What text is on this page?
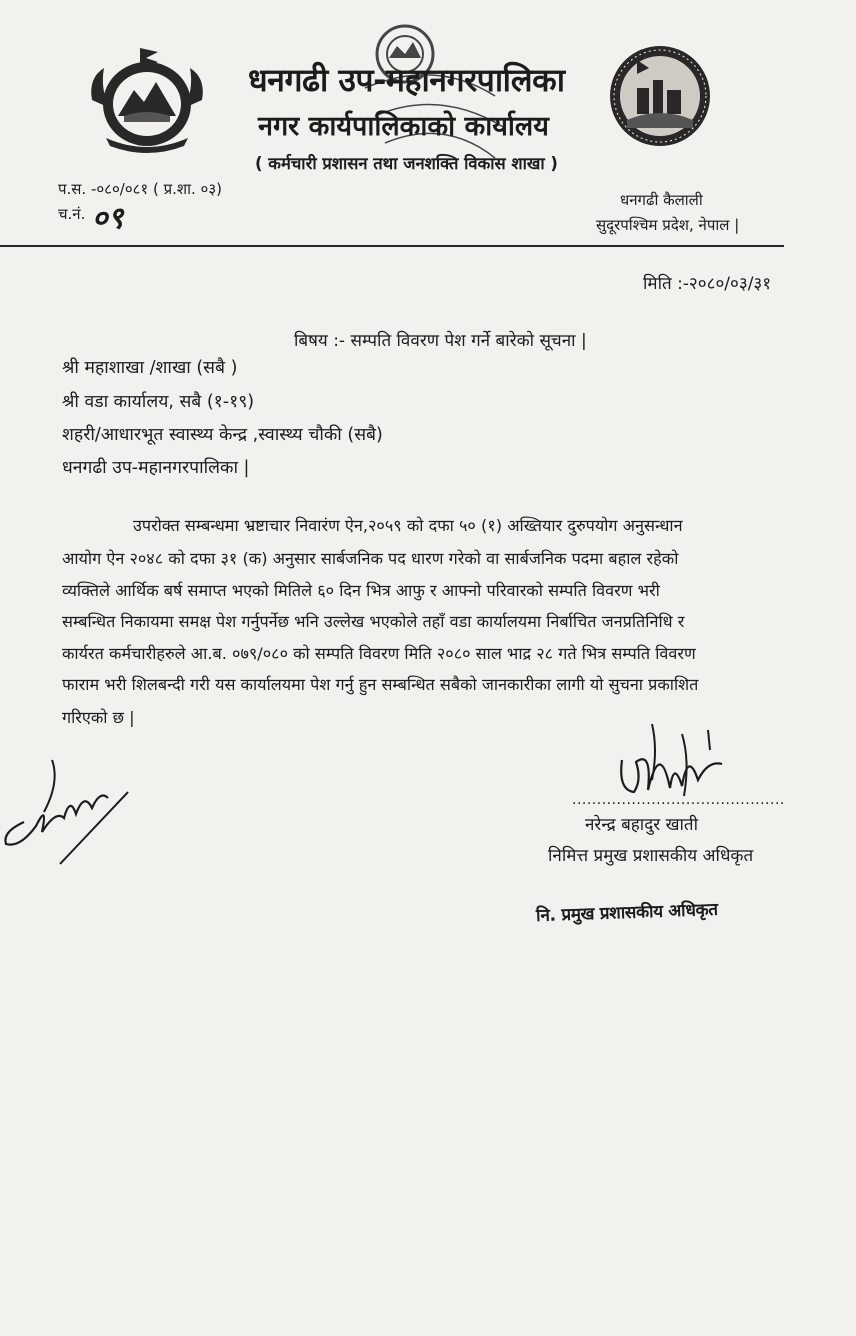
धनगढी उप-महानगरपालिका
नगर कार्यपालिकाको कार्यालय
( कर्मचारी प्रशासन तथा जनशक्ति विकास शाखा )
प.स. -०८०/०८१ ( प्र.शा. ०३)
च.नं. ०९
धनगढी कैलाली
सुदूरपश्चिम प्रदेश, नेपाल |
मिति :-२०८०/०३/३१
बिषय :- सम्पति विवरण पेश गर्ने बारेको सूचना |
श्री महाशाखा /शाखा (सबै )
श्री वडा कार्यालय, सबै (१-१९)
शहरी/आधारभूत स्वास्थ्य केन्द्र ,स्वास्थ्य चौकी (सबै)
धनगढी उप-महानगरपालिका |
उपरोक्त सम्बन्धमा भ्रष्टाचार निवारंण ऐन,२०५९ को दफा ५० (१) अख्तियार दुरुपयोग अनुसन्धान
आयोग ऐन २०४८ को दफा ३१ (क) अनुसार सार्बजनिक पद धारण गरेको वा सार्बजनिक पदमा बहाल रहेको
व्यक्तिले आर्थिक बर्ष समाप्त भएको मितिले ६० दिन भित्र आफु र आफ्नो परिवारको सम्पति विवरण भरी
सम्बन्धित निकायमा समक्ष पेश गर्नुपर्नेछ भनि उल्लेख भएकोले तहाँ वडा कार्यालयमा निर्बाचित जनप्रतिनिधि र
कार्यरत कर्मचारीहरुले आ.ब. ०७९/०८० को सम्पति विवरण मिति २०८० साल भाद्र २८ गते भित्र सम्पति विवरण
फाराम भरी शिलबन्दी गरी यस कार्यालयमा पेश गर्नु हुन सम्बन्धित सबैको जानकारीका लागी यो सुचना प्रकाशित
गरिएको छ |
...........................................
नरेन्द्र बहादुर खाती
निमित्त प्रमुख प्रशासकीय अधिकृत
नि. प्रमुख प्रशासकीय अधिकृत
